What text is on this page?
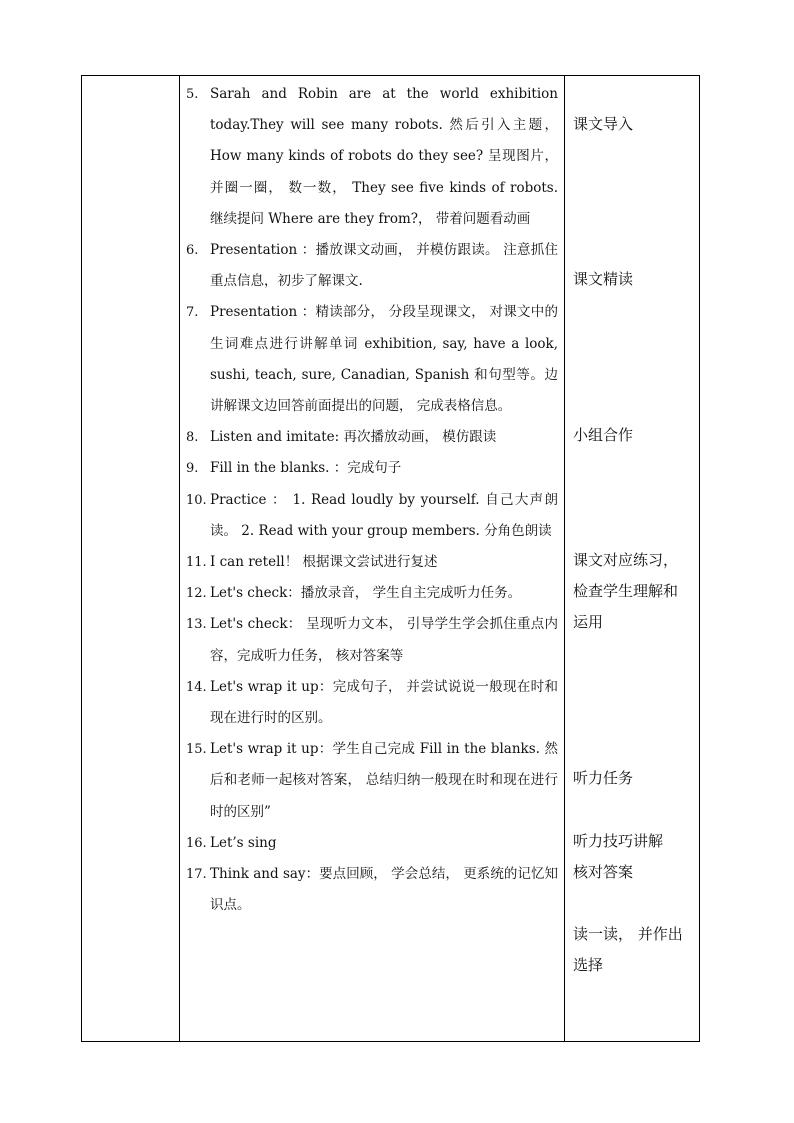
5. Sarah and Robin are at the world exhibition today.They will see many robots. 然后引入主题，How many kinds of robots do they see? 呈现图片，并圈一圈， 数一数， They see five kinds of robots. 继续提问 Where are they from?， 带着问题看动画
6. Presentation ：播放课文动画， 并模仿跟读。 注意抓住重点信息，初步了解课文.
7. Presentation ：精读部分， 分段呈现课文， 对课文中的生词难点进行讲解单词 exhibition, say, have a look, sushi, teach, sure, Canadian, Spanish 和句型等。边讲解课文边回答前面提出的问题， 完成表格信息。
8. Listen and imitate: 再次播放动画， 模仿跟读
9. Fill in the blanks. ：完成句子
10. Practice ： 1. Read loudly by yourself. 自己大声朗读。 2. Read with your group members. 分角色朗读
11. I can retell！ 根据课文尝试进行复述
12. Let's check：播放录音， 学生自主完成听力任务。
13. Let's check： 呈现听力文本， 引导学生学会抓住重点内容，完成听力任务， 核对答案等
14. Let's wrap it up：完成句子， 并尝试说说一般现在时和现在进行时的区别。
15. Let's wrap it up：学生自己完成 Fill in the blanks. 然后和老师一起核对答案， 总结归纳一般现在时和现在进行时的区别”
16. Let’s sing
17. Think and say：要点回顾， 学会总结， 更系统的记忆知识点。
课文导入
课文精读
小组合作
课文对应练习，
检查学生理解和
运用
听力任务
听力技巧讲解
核对答案
读一读， 并作出
选择
